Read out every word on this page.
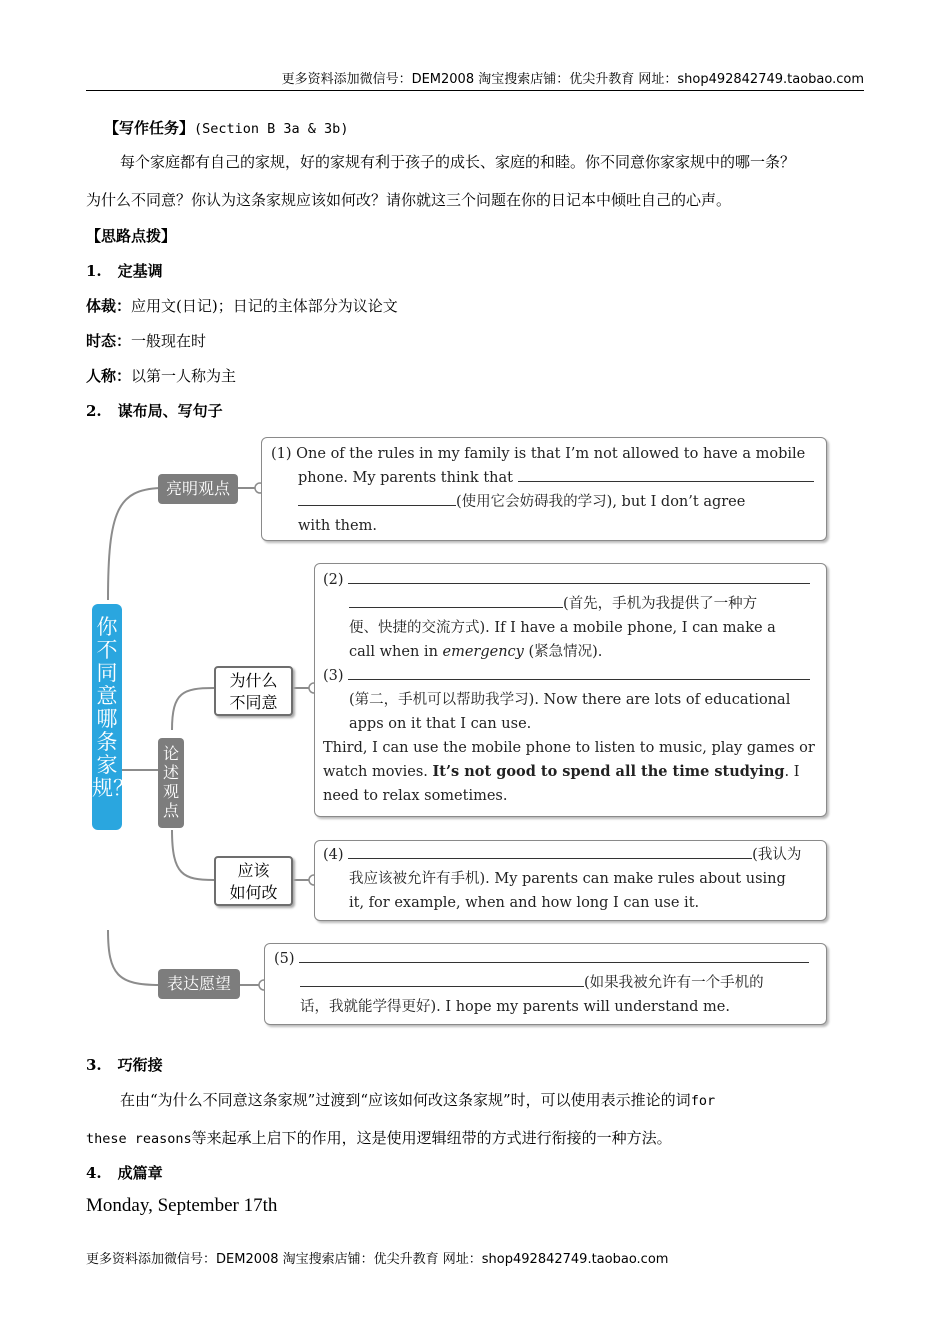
更多资料添加微信号：DEM2008 淘宝搜索店铺：优尖升教育 网址：shop492842749.taobao.com
【写作任务】(Section B 3a & 3b)
每个家庭都有自己的家规，好的家规有利于孩子的成长、家庭的和睦。你不同意你家家规中的哪一条？
为什么不同意？你认为这条家规应该如何改？请你就这三个问题在你的日记本中倾吐自己的心声。
【思路点拨】
1. 定基调
体裁：应用文(日记)；日记的主体部分为议论文
时态：一般现在时
人称：以第一人称为主
2. 谋布局、写句子
你不同意哪条家规？
亮明观点
论述观点
为什么
不同意
应该
如何改
表达愿望
(1) One of the rules in my family is that I’m not allowed to have a mobile
phone. My parents think that
(使用它会妨碍我的学习), but I don’t agree
with them.
(2)
(首先，手机为我提供了一种方
便、快捷的交流方式). If I have a mobile phone, I can make a
call when in emergency (紧急情况).
(3)
(第二，手机可以帮助我学习). Now there are lots of educational
apps on it that I can use.
Third, I can use the mobile phone to listen to music, play games or
watch movies. It’s not good to spend all the time studying. I
need to relax sometimes.
(4)	(我认为
我应该被允许有手机). My parents can make rules about using
it, for example, when and how long I can use it.
(5)
(如果我被允许有一个手机的
话，我就能学得更好). I hope my parents will understand me.
3. 巧衔接
在由“为什么不同意这条家规”过渡到“应该如何改这条家规”时，可以使用表示推论的词for
these reasons等来起承上启下的作用，这是使用逻辑纽带的方式进行衔接的一种方法。
4. 成篇章
Monday, September 17th
更多资料添加微信号：DEM2008 淘宝搜索店铺：优尖升教育 网址：shop492842749.taobao.com
